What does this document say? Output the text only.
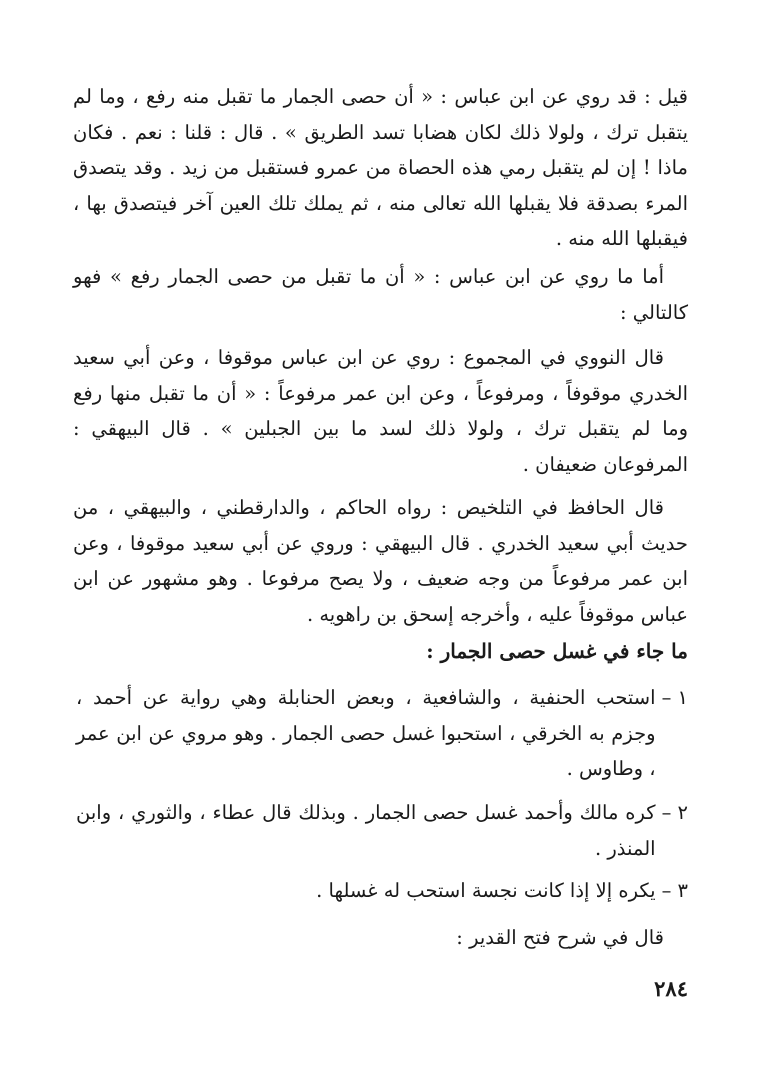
قيل : قد روي عن ابن عباس : « أن حصى الجمار ما تقبل منه رفع ، وما لم يتقبل ترك ، ولولا ذلك لكان هضابا تسد الطريق » . قال : قلنا : نعم . فكان ماذا ! إن لم يتقبل رمي هذه الحصاة من عمرو فستقبل من زيد . وقد يتصدق المرء بصدقة فلا يقبلها الله تعالى منه ، ثم يملك تلك العين آخر فيتصدق بها ، فيقبلها الله منه .
أما ما روي عن ابن عباس : « أن ما تقبل من حصى الجمار رفع » فهو كالتالي :
قال النووي في المجموع : روي عن ابن عباس موقوفا ، وعن أبي سعيد الخدري موقوفاً ، ومرفوعاً ، وعن ابن عمر مرفوعاً : « أن ما تقبل منها رفع وما لم يتقبل ترك ، ولولا ذلك لسد ما بين الجبلين » . قال البيهقي : المرفوعان ضعيفان .
قال الحافظ في التلخيص : رواه الحاكم ، والدارقطني ، والبيهقي ، من حديث أبي سعيد الخدري . قال البيهقي : وروي عن أبي سعيد موقوفا ، وعن ابن عمر مرفوعاً من وجه ضعيف ، ولا يصح مرفوعا . وهو مشهور عن ابن عباس موقوفاً عليه ، وأخرجه إسحق بن راهويه .
ما جاء في غسل حصى الجمار :
١ –
استحب الحنفية ، والشافعية ، وبعض الحنابلة وهي رواية عن أحمد ، وجزم به الخرقي ، استحبوا غسل حصى الجمار . وهو مروي عن ابن عمر ، وطاوس .
٢ –
كره مالك وأحمد غسل حصى الجمار . وبذلك قال عطاء ، والثوري ، وابن المنذر .
٣ –
يكره إلا إذا كانت نجسة استحب له غسلها .
قال في شرح فتح القدير :
٢٨٤
